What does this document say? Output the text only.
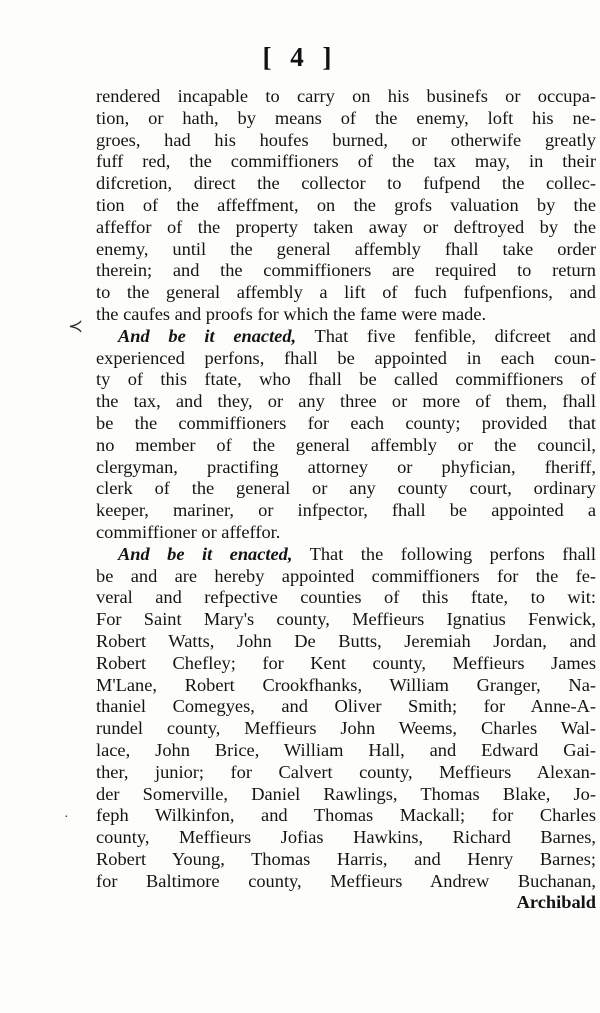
[ 4 ]
rendered incapable to carry on his businefs or occupa-
tion, or hath, by means of the enemy, loft his ne-
groes, had his houfes burned, or otherwife greatly
fuff red, the commiffioners of the tax may, in their
difcretion, direct the collector to fufpend the collec-
tion of the affeffment, on the grofs valuation by the
affeffor of the property taken away or deftroyed by the
enemy, until the general affembly fhall take order
therein; and the commiffioners are required to return
to the general affembly a lift of fuch fufpenfions, and
the caufes and proofs for which the fame were made.
And be it enacted, That five fenfible, difcreet and
experienced perfons, fhall be appointed in each coun-
ty of this ftate, who fhall be called commiffioners of
the tax, and they, or any three or more of them, fhall
be the commiffioners for each county; provided that
no member of the general affembly or the council,
clergyman, practifing attorney or phyfician, fheriff,
clerk of the general or any county court, ordinary
keeper, mariner, or infpector, fhall be appointed a
commiffioner or affeffor.
And be it enacted, That the following perfons fhall
be and are hereby appointed commiffioners for the fe-
veral and refpective counties of this ftate, to wit:
For Saint Mary's county, Meffieurs Ignatius Fenwick,
Robert Watts, John De Butts, Jeremiah Jordan, and
Robert Chefley; for Kent county, Meffieurs James
M'Lane, Robert Crookfhanks, William Granger, Na-
thaniel Comegyes, and Oliver Smith; for Anne-A-
rundel county, Meffieurs John Weems, Charles Wal-
lace, John Brice, William Hall, and Edward Gai-
ther, junior; for Calvert county, Meffieurs Alexan-
der Somerville, Daniel Rawlings, Thomas Blake, Jo-
feph Wilkinfon, and Thomas Mackall; for Charles
county, Meffieurs Jofias Hawkins, Richard Barnes,
Robert Young, Thomas Harris, and Henry Barnes;
for Baltimore county, Meffieurs Andrew Buchanan,
Archibald
≺
·
